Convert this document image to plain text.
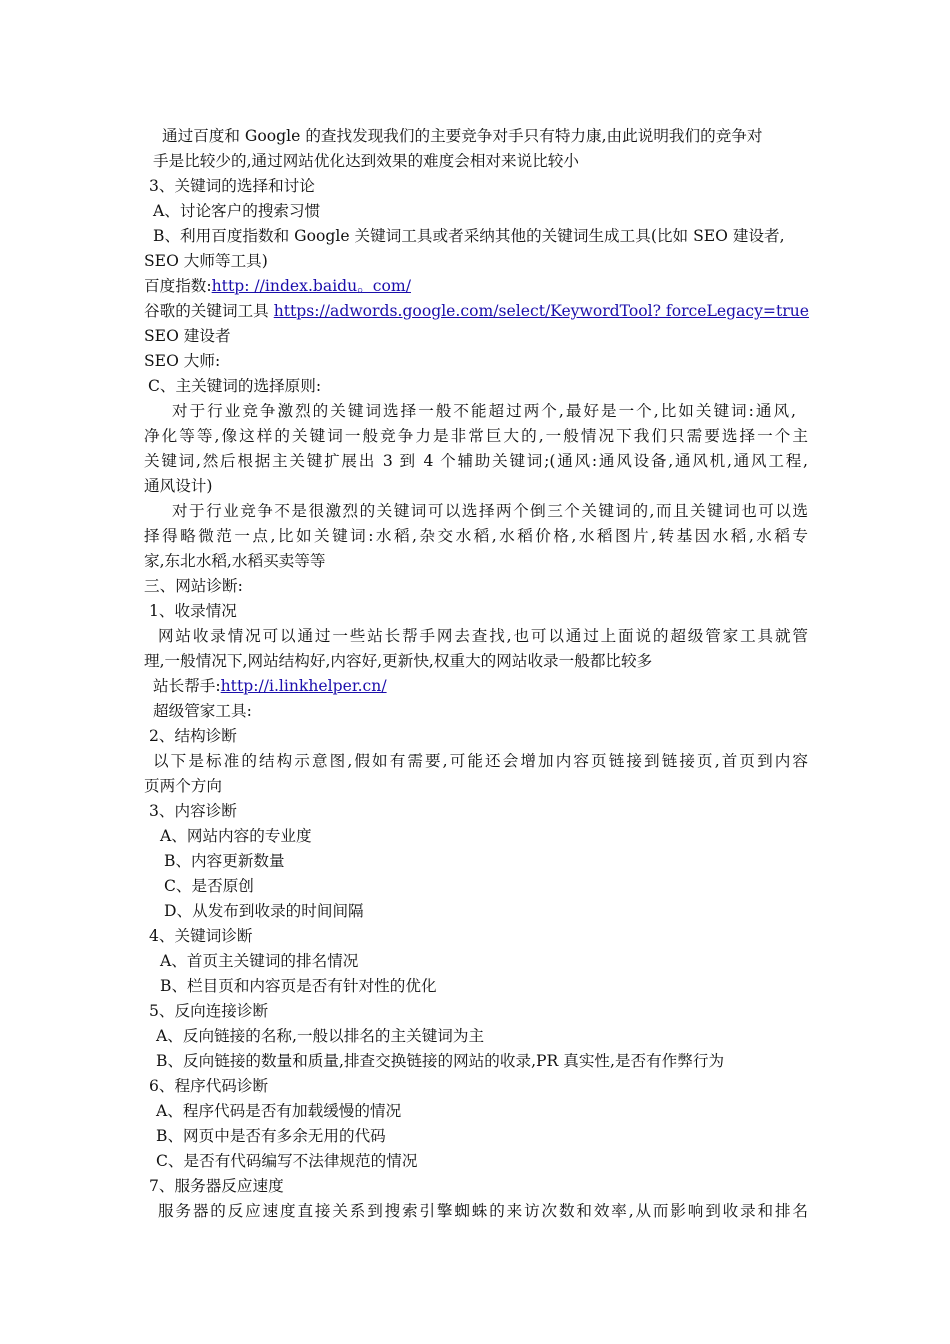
通过百度和 Google 的查找发现我们的主要竞争对手只有特力康,由此说明我们的竞争对
手是比较少的,通过网站优化达到效果的难度会相对来说比较小
3、关键词的选择和讨论
A、讨论客户的搜索习惯
B、利用百度指数和 Google 关键词工具或者采纳其他的关键词生成工具(比如 SEO 建设者,
SEO 大师等工具)
百度指数:http: //index.baidu。com/
谷歌的关键词工具 https://adwords.google.com/select/KeywordTool? forceLegacy=true
SEO 建设者
SEO 大师:
C、主关键词的选择原则:
对于行业竞争激烈的关键词选择一般不能超过两个,最好是一个,比如关键词:通风,
净化等等,像这样的关键词一般竞争力是非常巨大的,一般情况下我们只需要选择一个主
关键词,然后根据主关键扩展出 3 到 4 个辅助关键词;(通风:通风设备,通风机,通风工程,
通风设计)
对于行业竞争不是很激烈的关键词可以选择两个倒三个关键词的,而且关键词也可以选
择得略微范一点,比如关键词:水稻,杂交水稻,水稻价格,水稻图片,转基因水稻,水稻专
家,东北水稻,水稻买卖等等
三、网站诊断:
1、收录情况
网站收录情况可以通过一些站长帮手网去查找,也可以通过上面说的超级管家工具就管
理,一般情况下,网站结构好,内容好,更新快,权重大的网站收录一般都比较多
站长帮手:http://i.linkhelper.cn/
超级管家工具:
2、结构诊断
以下是标准的结构示意图,假如有需要,可能还会增加内容页链接到链接页,首页到内容
页两个方向
3、内容诊断
A、网站内容的专业度
B、内容更新数量
C、是否原创
D、从发布到收录的时间间隔
4、关键词诊断
A、首页主关键词的排名情况
B、栏目页和内容页是否有针对性的优化
5、反向连接诊断
A、反向链接的名称,一般以排名的主关键词为主
B、反向链接的数量和质量,排查交换链接的网站的收录,PR 真实性,是否有作弊行为
6、程序代码诊断
A、程序代码是否有加载缓慢的情况
B、网页中是否有多余无用的代码
C、是否有代码编写不法律规范的情况
7、服务器反应速度
服务器的反应速度直接关系到搜索引擎蜘蛛的来访次数和效率,从而影响到收录和排名
